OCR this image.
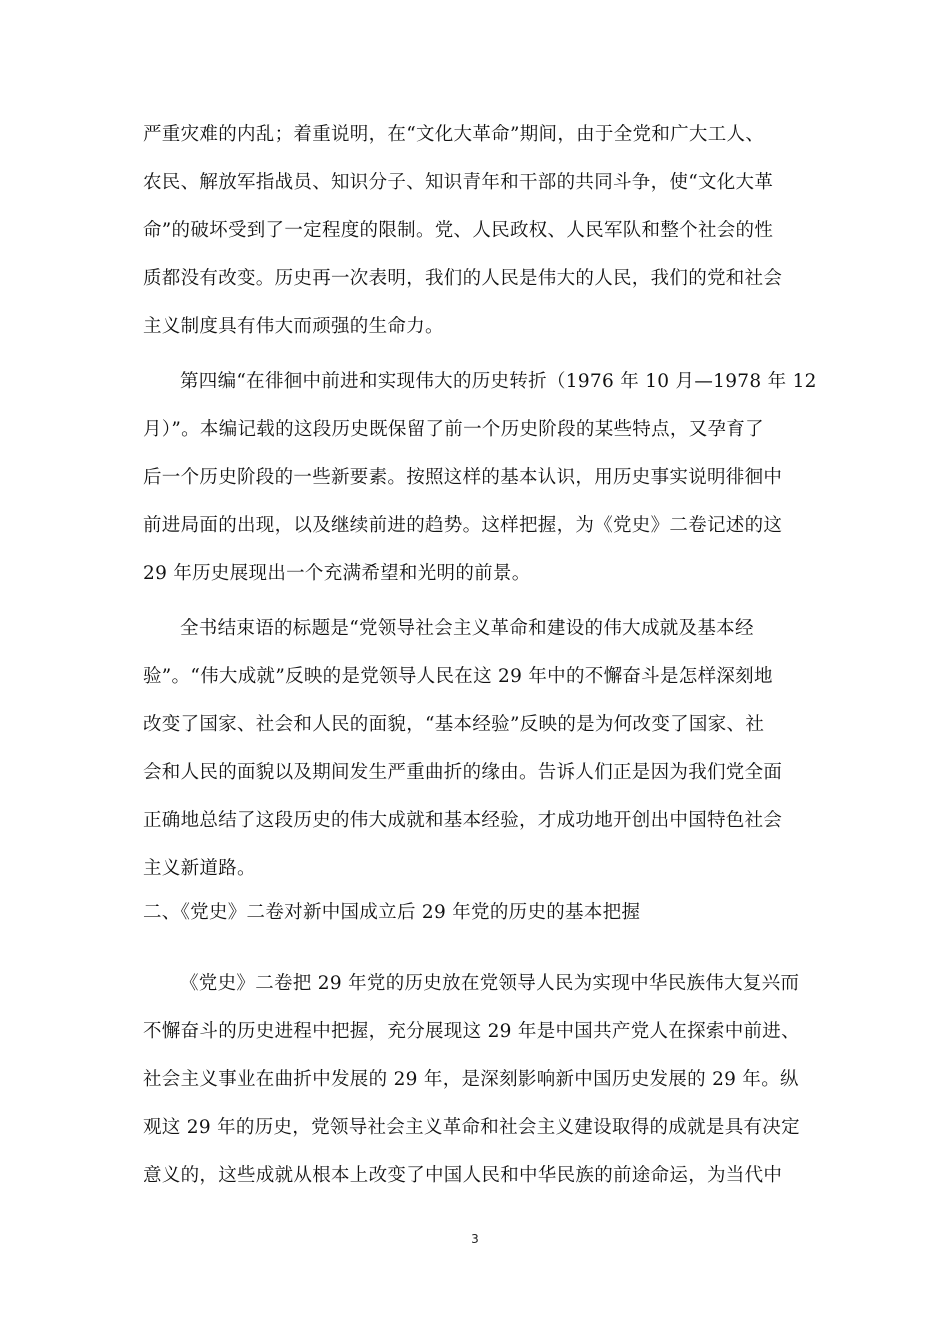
严重灾难的内乱；着重说明，在“文化大革命”期间，由于全党和广大工人、
农民、解放军指战员、知识分子、知识青年和干部的共同斗争，使“文化大革
命”的破坏受到了一定程度的限制。党、人民政权、人民军队和整个社会的性
质都没有改变。历史再一次表明，我们的人民是伟大的人民，我们的党和社会
主义制度具有伟大而顽强的生命力。
第四编“在徘徊中前进和实现伟大的历史转折（1976 年 10 月—1978 年 12
月）”。本编记载的这段历史既保留了前一个历史阶段的某些特点，又孕育了
后一个历史阶段的一些新要素。按照这样的基本认识，用历史事实说明徘徊中
前进局面的出现，以及继续前进的趋势。这样把握，为《党史》二卷记述的这
29 年历史展现出一个充满希望和光明的前景。
全书结束语的标题是“党领导社会主义革命和建设的伟大成就及基本经
验”。“伟大成就”反映的是党领导人民在这 29 年中的不懈奋斗是怎样深刻地
改变了国家、社会和人民的面貌，“基本经验”反映的是为何改变了国家、社
会和人民的面貌以及期间发生严重曲折的缘由。告诉人们正是因为我们党全面
正确地总结了这段历史的伟大成就和基本经验，才成功地开创出中国特色社会
主义新道路。
二、《党史》二卷对新中国成立后 29 年党的历史的基本把握
《党史》二卷把 29 年党的历史放在党领导人民为实现中华民族伟大复兴而
不懈奋斗的历史进程中把握，充分展现这 29 年是中国共产党人在探索中前进、
社会主义事业在曲折中发展的 29 年，是深刻影响新中国历史发展的 29 年。纵
观这 29 年的历史，党领导社会主义革命和社会主义建设取得的成就是具有决定
意义的，这些成就从根本上改变了中国人民和中华民族的前途命运，为当代中
3
